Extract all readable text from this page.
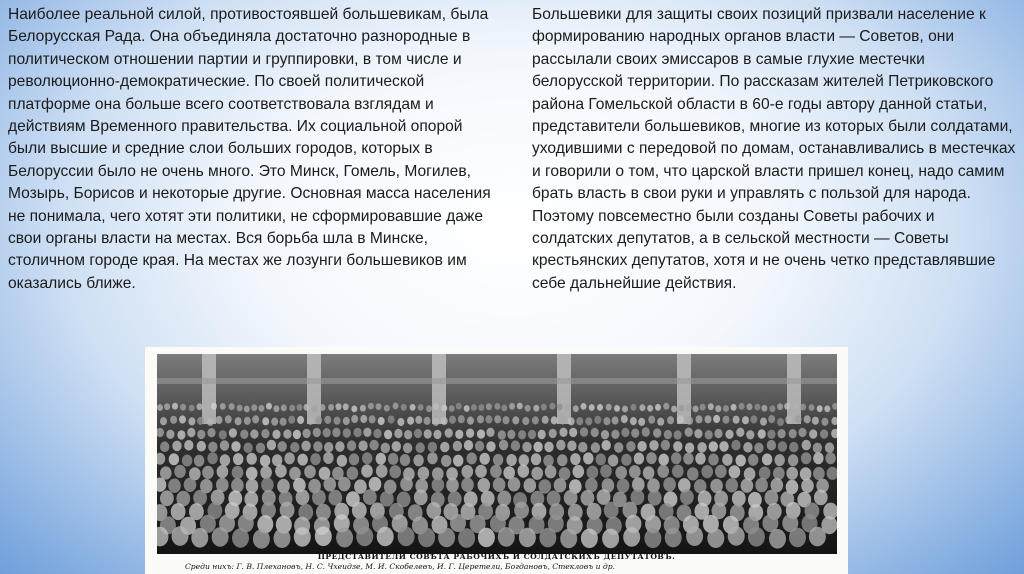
Наиболее реальной силой, противостоявшей большевикам, была Белорусская Рада. Она объединяла достаточно разнородные в политическом отношении партии и группировки, в том числе и революционно-демократические. По своей политической платформе она больше всего соответствовала взглядам и действиям Временного правительства. Их социальной опорой были высшие и средние слои больших городов, которых в Белоруссии было не очень много. Это Минск, Гомель, Могилев, Мозырь, Борисов и некоторые другие. Основная масса населения не понимала, чего хотят эти политики, не сформировавшие даже свои органы власти на местах. Вся борьба шла в Минске, столичном городе края. На местах же лозунги большевиков им оказались ближе.

Большевики для защиты своих позиций призвали население к формированию народных органов власти — Советов, они рассылали своих эмиссаров в самые глухие местечки белорусской территории. По рассказам жителей Петриковского района Гомельской области в 60-е годы автору данной статьи, представители большевиков, многие из которых были солдатами, уходившими с передовой по домам, останавливались в местечках и говорили о том, что царской власти пришел конец, надо самим брать власть в свои руки и управлять с пользой для народа. Поэтому повсеместно были созданы Советы рабочих и солдатских депутатов, а в сельской местности — Советы крестьянских депутатов, хотя и не очень четко представлявшие себе дальнейшие действия.

ПРЕДСТАВИТЕЛИ СОВѢТА РАБОЧИХЪ И СОЛДАТСКИХЪ ДЕПУТАТОВЪ.
Среди нихъ: Г. В. Плехановъ, Н. С. Чхеидзе, М. И. Скобелевъ, И. Г. Церетели, Богдановъ, Стекловъ и др.
